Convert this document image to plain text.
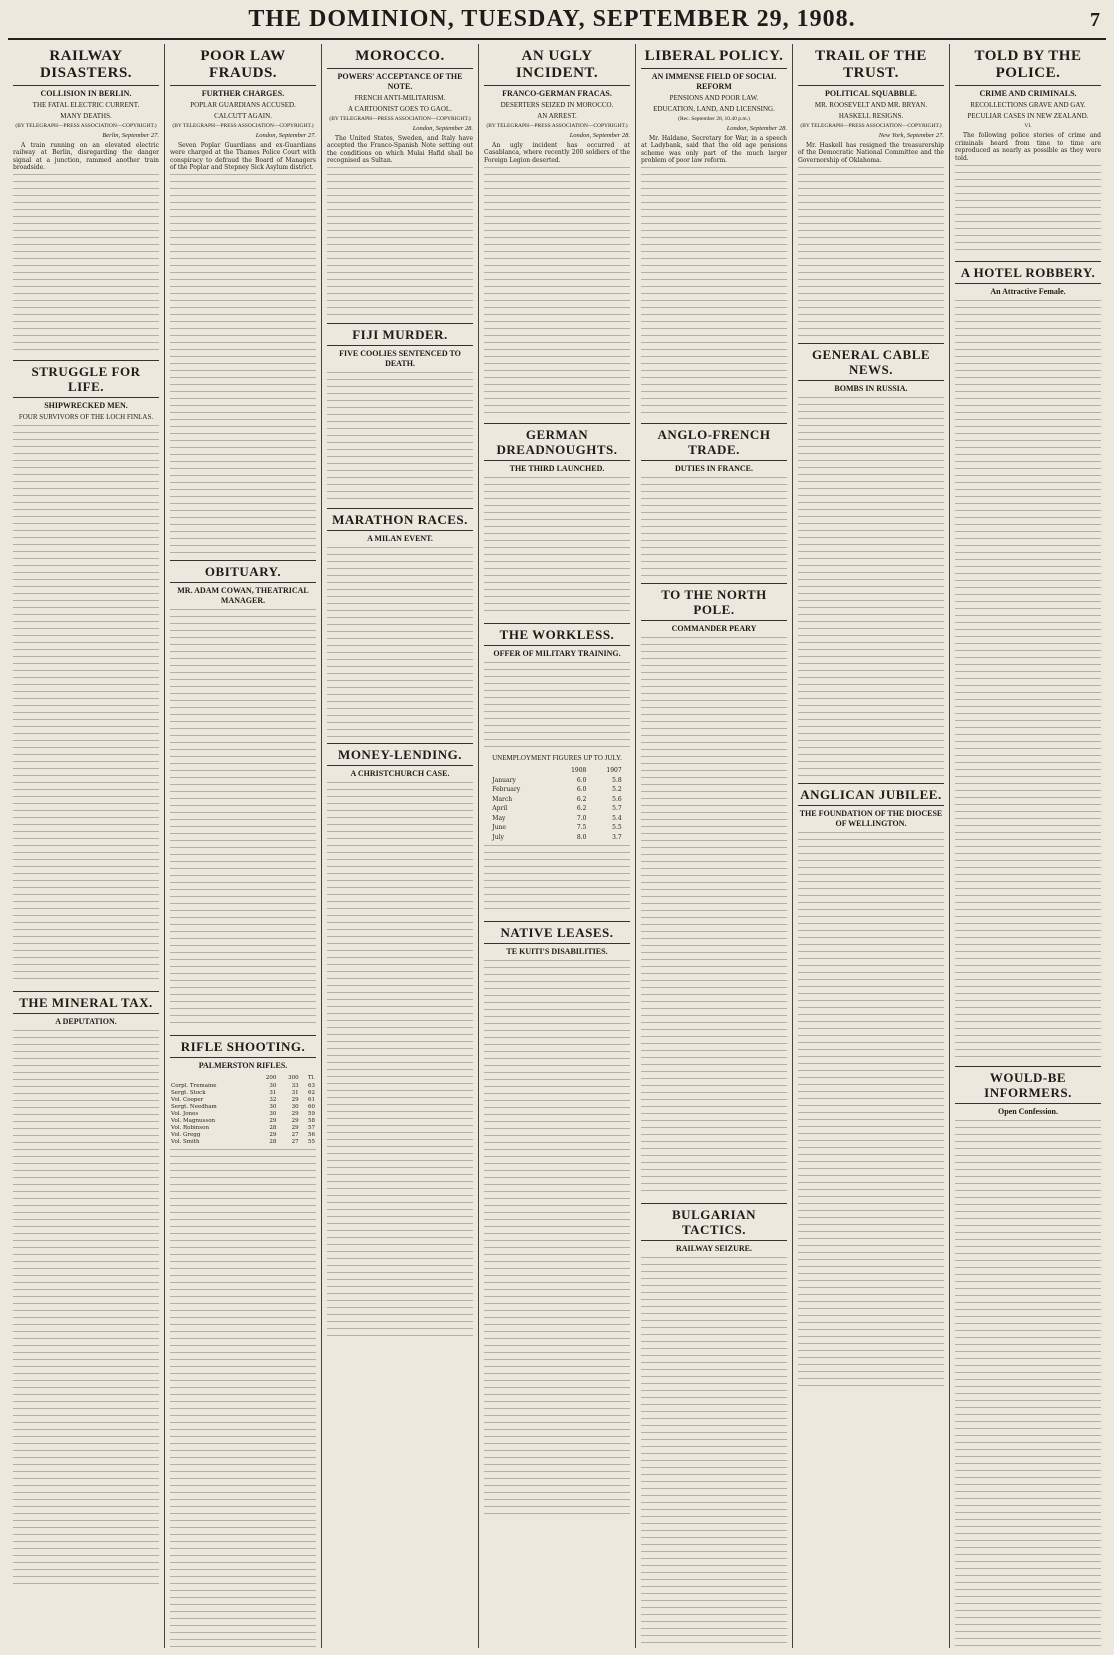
THE DOMINION, TUESDAY, SEPTEMBER 29, 1908.	7
RAILWAY DISASTERS.
COLLISION IN BERLIN.
THE FATAL ELECTRIC CURRENT.
MANY DEATHS.
(BY TELEGRAPH—PRESS ASSOCIATION—COPYRIGHT.)
Berlin, September 27.

A train running on an elevated electric railway at Berlin, disregarding the danger signal at a junction, rammed another train broadside.

STRUGGLE FOR LIFE.
SHIPWRECKED MEN.
FOUR SURVIVORS OF THE LOCH FINLAS.
THE MINERAL TAX.
A DEPUTATION.
POOR LAW FRAUDS.
FURTHER CHARGES.
POPLAR GUARDIANS ACCUSED.
CALCUTT AGAIN.
(BY TELEGRAPH—PRESS ASSOCIATION—COPYRIGHT.)
London, September 27.

Seven Poplar Guardians and ex-Guardians were charged at the Thames Police Court with conspiracy to defraud the Board of Managers of the Poplar and Stepney Sick Asylum district.

OBITUARY.
MR. ADAM COWAN, THEATRICAL MANAGER.
RIFLE SHOOTING.
PALMERSTON RIFLES.
	200	300	Tl.
Corpl. Tremaine	30	33	63
Sergt. Stock	31	31	62
Vol. Cooper	32	29	61
Sergt. Needham	30	30	60
Vol. Jones	30	29	59
Vol. Magnusson	29	29	58
Vol. Robinson	28	29	57
Vol. Gregg	29	27	56
Vol. Smith	28	27	55
MOROCCO.
POWERS' ACCEPTANCE OF THE NOTE.
FRENCH ANTI-MILITARISM.
A CARTOONIST GOES TO GAOL.
(BY TELEGRAPH—PRESS ASSOCIATION—COPYRIGHT.)
London, September 28.

The United States, Sweden, and Italy have accepted the Franco-Spanish Note setting out the conditions on which Mulai Hafid shall be recognised as Sultan.

FIJI MURDER.
FIVE COOLIES SENTENCED TO DEATH.
MARATHON RACES.
A MILAN EVENT.
MONEY-LENDING.
A CHRISTCHURCH CASE.
AN UGLY INCIDENT.
FRANCO-GERMAN FRACAS.
DESERTERS SEIZED IN MOROCCO.
AN ARREST.
(BY TELEGRAPH—PRESS ASSOCIATION—COPYRIGHT.)
London, September 28.

An ugly incident has occurred at Casablanca, where recently 200 soldiers of the Foreign Legion deserted.

GERMAN DREADNOUGHTS.
THE THIRD LAUNCHED.
THE WORKLESS.
OFFER OF MILITARY TRAINING.
UNEMPLOYMENT FIGURES UP TO JULY.
	1908	1907
January	6.0	5.8
February	6.0	5.2
March	6.2	5.6
April	6.2	5.7
May	7.0	5.4
June	7.5	5.5
July	8.0	3.7
NATIVE LEASES.
TE KUITI'S DISABILITIES.
LIBERAL POLICY.
AN IMMENSE FIELD OF SOCIAL REFORM
PENSIONS AND POOR LAW.
EDUCATION, LAND, AND LICENSING.
(Rec. September 28, 10.40 p.m.)
London, September 28.

Mr. Haldane, Secretary for War, in a speech at Ladybank, said that the old age pensions scheme was only part of the much larger problem of poor law reform.

ANGLO-FRENCH TRADE.
DUTIES IN FRANCE.
TO THE NORTH POLE.
COMMANDER PEARY
BULGARIAN TACTICS.
RAILWAY SEIZURE.
TRAIL OF THE TRUST.
POLITICAL SQUABBLE.
MR. ROOSEVELT AND MR. BRYAN.
HASKELL RESIGNS.
(BY TELEGRAPH—PRESS ASSOCIATION—COPYRIGHT.)
New York, September 27.

Mr. Haskell has resigned the treasurership of the Democratic National Committee and the Governorship of Oklahoma.

GENERAL CABLE NEWS.
BOMBS IN RUSSIA.
ANGLICAN JUBILEE.
THE FOUNDATION OF THE DIOCESE OF WELLINGTON.
TOLD BY THE POLICE.
CRIME AND CRIMINALS.
RECOLLECTIONS GRAVE AND GAY.
PECULIAR CASES IN NEW ZEALAND.
VI.

The following police stories of crime and criminals heard from time to time are reproduced as nearly as possible as they were told.

A HOTEL ROBBERY.
An Attractive Female.
WOULD-BE INFORMERS.
Open Confession.
